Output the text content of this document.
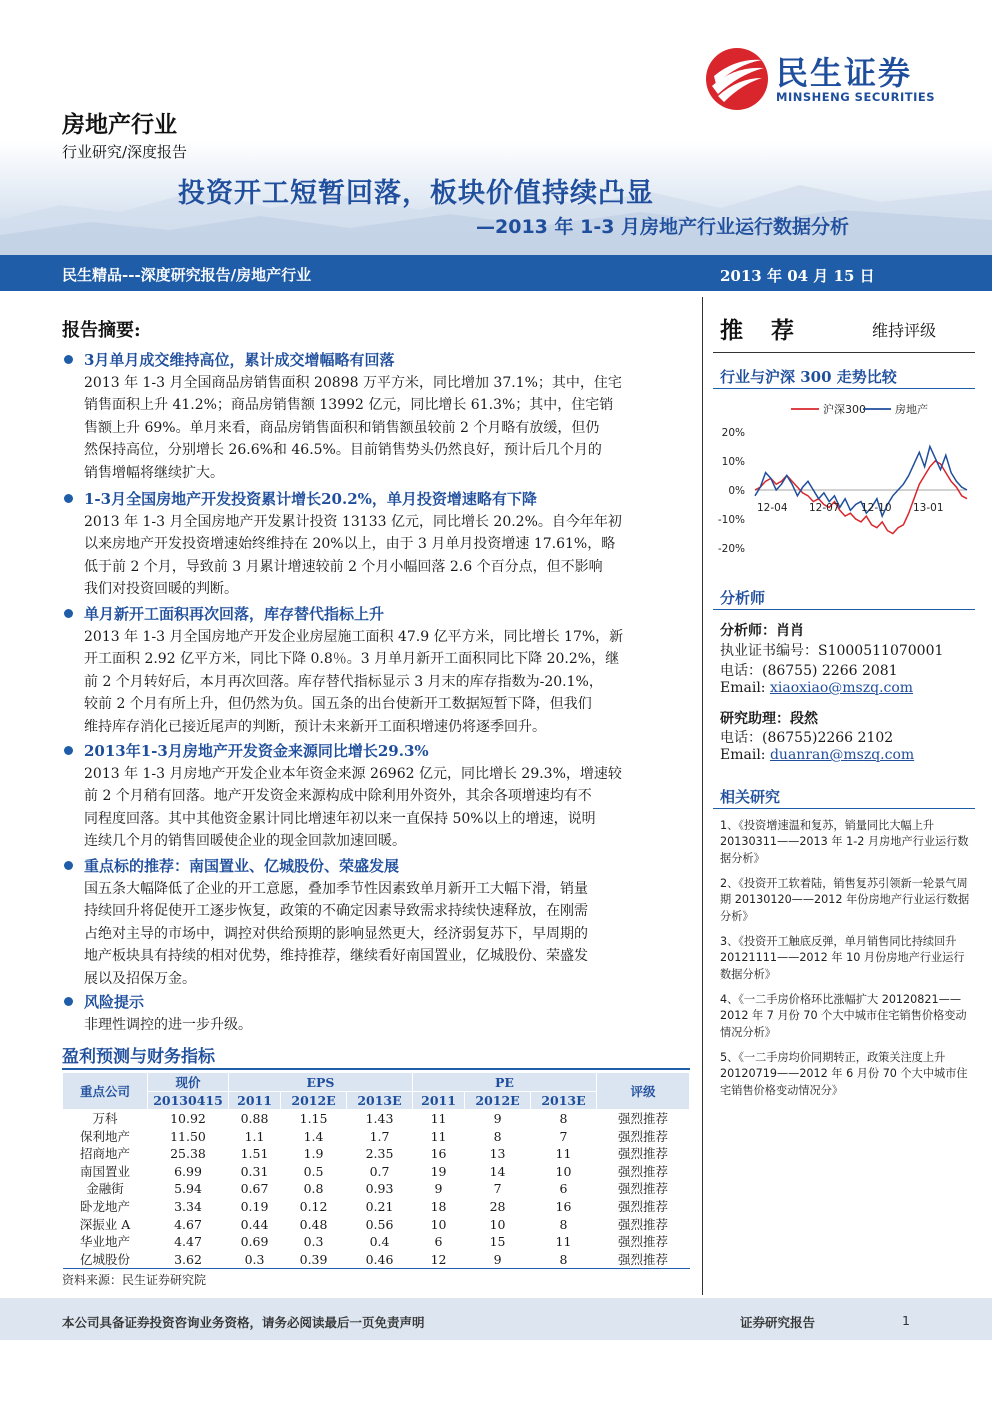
房地产行业
行业研究/深度报告
投资开工短暂回落，板块价值持续凸显
—2013 年 1-3 月房地产行业运行数据分析
民生证券
MINSHENG SECURITIES
民生精品---深度研究报告/房地产行业	2013 年 04 月 15 日
报告摘要:
3月单月成交维持高位，累计成交增幅略有回落
2013 年 1-3 月全国商品房销售面积 20898 万平方米，同比增加 37.1%；其中，住宅
销售面积上升 41.2%；商品房销售额 13992 亿元，同比增长 61.3%；其中，住宅销
售额上升 69%。单月来看，商品房销售面积和销售额虽较前 2 个月略有放缓，但仍
然保持高位，分别增长 26.6%和 46.5%。目前销售势头仍然良好，预计后几个月的
销售增幅将继续扩大。
1-3月全国房地产开发投资累计增长20.2%，单月投资增速略有下降
2013 年 1-3 月全国房地产开发累计投资 13133 亿元，同比增长 20.2%。自今年年初
以来房地产开发投资增速始终维持在 20%以上，由于 3 月单月投资增速 17.61%，略
低于前 2 个月，导致前 3 月累计增速较前 2 个月小幅回落 2.6 个百分点，但不影响
我们对投资回暖的判断。
单月新开工面积再次回落，库存替代指标上升
2013 年 1-3 月全国房地产开发企业房屋施工面积 47.9 亿平方米，同比增长 17%，新
开工面积 2.92 亿平方米，同比下降 0.8％。3 月单月新开工面积同比下降 20.2%，继
前 2 个月转好后，本月再次回落。库存替代指标显示 3 月末的库存指数为-20.1%，
较前 2 个月有所上升，但仍然为负。国五条的出台使新开工数据短暂下降，但我们
维持库存消化已接近尾声的判断，预计未来新开工面积增速仍将逐季回升。
2013年1-3月房地产开发资金来源同比增长29.3%
2013 年 1-3 月房地产开发企业本年资金来源 26962 亿元，同比增长 29.3%，增速较
前 2 个月稍有回落。地产开发资金来源构成中除利用外资外，其余各项增速均有不
同程度回落。其中其他资金累计同比增速年初以来一直保持 50%以上的增速，说明
连续几个月的销售回暖使企业的现金回款加速回暖。
重点标的推荐：南国置业、亿城股份、荣盛发展
国五条大幅降低了企业的开工意愿，叠加季节性因素致单月新开工大幅下滑，销量
持续回升将促使开工逐步恢复，政策的不确定因素导致需求持续快速释放，在刚需
占绝对主导的市场中，调控对供给预期的影响显然更大，经济弱复苏下，早周期的
地产板块具有持续的相对优势，维持推荐，继续看好南国置业，亿城股份、荣盛发
展以及招保万金。
风险提示
非理性调控的进一步升级。
盈利预测与财务指标
重点公司	现价	EPS			PE			评级
	20130415	2011	2012E	2013E	2011	2012E	2013E	
万科	10.92	0.88	1.15	1.43	11	9	8	强烈推荐
保利地产	11.50	1.1	1.4	1.7	11	8	7	强烈推荐
招商地产	25.38	1.51	1.9	2.35	16	13	11	强烈推荐
南国置业	6.99	0.31	0.5	0.7	19	14	10	强烈推荐
金融街	5.94	0.67	0.8	0.93	9	7	6	强烈推荐
卧龙地产	3.34	0.19	0.12	0.21	18	28	16	强烈推荐
深振业 A	4.67	0.44	0.48	0.56	10	10	8	强烈推荐
华业地产	4.47	0.69	0.3	0.4	6	15	11	强烈推荐
亿城股份	3.62	0.3	0.39	0.46	12	9	8	强烈推荐
资料来源：民生证券研究院
推荐	维持评级
行业与沪深 300 走势比较
20%
10%
0%
-10%
-20%
12-04 12-07 12-10 13-01
沪深300	房地产
分析师
分析师：肖肖
执业证书编号：S1000511070001
电话：(86755) 2266 2081
Email: xiaoxiao@mszq.com
研究助理：段然
电话：(86755)2266 2102
Email: duanran@mszq.com
相关研究
1、《投资增速温和复苏，销量同比大幅上升 20130311——2013 年 1-2 月房地产行业运行数据分析》
2、《投资开工软着陆，销售复苏引领新一轮景气周期 20130120——2012 年份房地产行业运行数据分析》
3、《投资开工触底反弹，单月销售同比持续回升 20121111——2012 年 10 月份房地产行业运行数据分析》
4、《一二手房价格环比涨幅扩大 20120821——2012 年 7 月份 70 个大中城市住宅销售价格变动情况分析》
5、《一二手房均价同期转正，政策关注度上升 20120719——2012 年 6 月份 70 个大中城市住宅销售价格变动情况分》
本公司具备证券投资咨询业务资格，请务必阅读最后一页免责声明	证券研究报告	1
